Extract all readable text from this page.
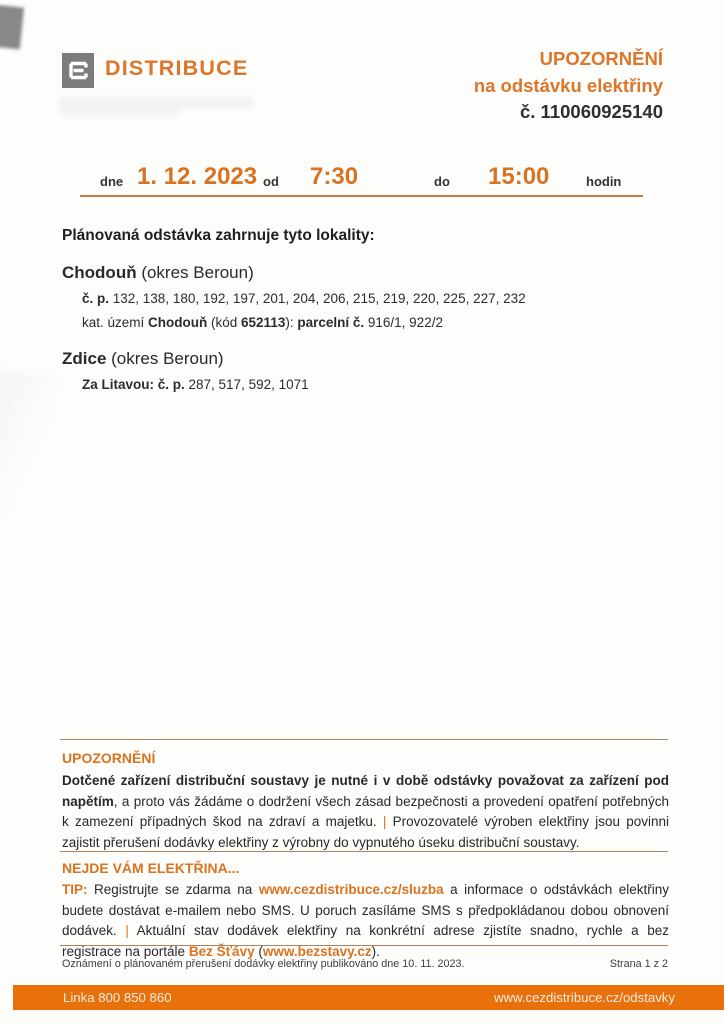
DISTRIBUCE	UPOZORNĚNÍ
na odstávku elektřiny
č. 110060925140
dne 1. 12. 2023 od 7:30	do 15:00	hodin
Plánovaná odstávka zahrnuje tyto lokality:
Chodouň (okres Beroun)
č. p. 132, 138, 180, 192, 197, 201, 204, 206, 215, 219, 220, 225, 227, 232
kat. území Chodouň (kód 652113): parcelní č. 916/1, 922/2
Zdice (okres Beroun)
Za Litavou: č. p. 287, 517, 592, 1071
UPOZORNĚNÍ
Dotčené zařízení distribuční soustavy je nutné i v době odstávky považovat za zařízení pod napětím, a proto vás žádáme o dodržení všech zásad bezpečnosti a provedení opatření potřebných k zamezení případných škod na zdraví a majetku. | Provozovatelé výroben elektřiny jsou povinni zajistit přerušení dodávky elektřiny z výrobny do vypnutého úseku distribuční soustavy.
NEJDE VÁM ELEKTŘINA...
TIP: Registrujte se zdarma na www.cezdistribuce.cz/sluzba a informace o odstávkách elektřiny budete dostávat e-mailem nebo SMS. U poruch zasíláme SMS s předpokládanou dobou obnovení dodávek. | Aktuální stav dodávek elektřiny na konkrétní adrese zjistíte snadno, rychle a bez registrace na portále Bez Šťávy (www.bezstavy.cz).
Oznámení o plánovaném přerušení dodávky elektřiny publikováno dne 10. 11. 2023.	Strana 1 z 2
Linka 800 850 860	www.cezdistribuce.cz/odstavky
